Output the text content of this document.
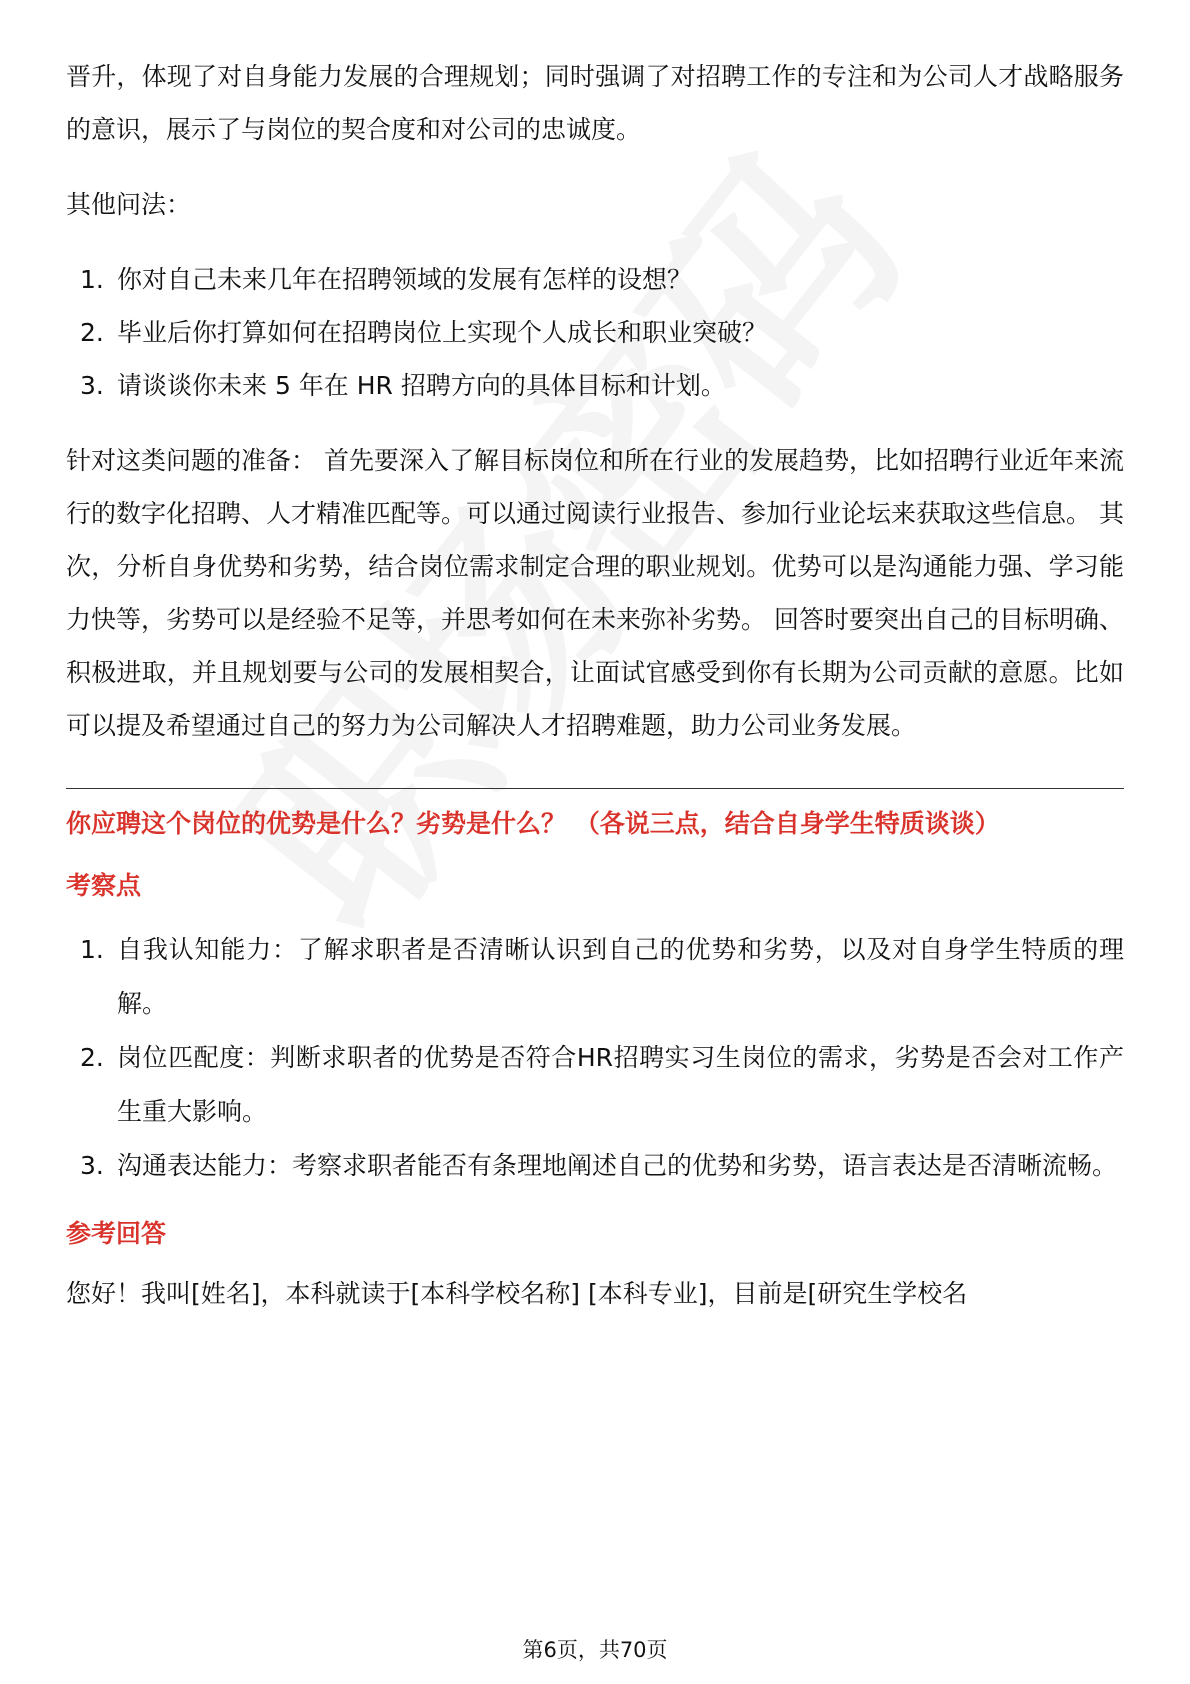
晋升，体现了对自身能力发展的合理规划；同时强调了对招聘工作的专注和为公司人才战略服务的意识，展示了与岗位的契合度和对公司的忠诚度。

其他问法：

1. 你对自己未来几年在招聘领域的发展有怎样的设想？
2. 毕业后你打算如何在招聘岗位上实现个人成长和职业突破？
3. 请谈谈你未来 5 年在 HR 招聘方向的具体目标和计划。

针对这类问题的准备： 首先要深入了解目标岗位和所在行业的发展趋势，比如招聘行业近年来流行的数字化招聘、人才精准匹配等。可以通过阅读行业报告、参加行业论坛来获取这些信息。 其次，分析自身优势和劣势，结合岗位需求制定合理的职业规划。优势可以是沟通能力强、学习能力快等，劣势可以是经验不足等，并思考如何在未来弥补劣势。 回答时要突出自己的目标明确、积极进取，并且规划要与公司的发展相契合，让面试官感受到你有长期为公司贡献的意愿。比如可以提及希望通过自己的努力为公司解决人才招聘难题，助力公司业务发展。

你应聘这个岗位的优势是什么？劣势是什么？ （各说三点，结合自身学生特质谈谈）

考察点

1. 自我认知能力：了解求职者是否清晰认识到自己的优势和劣势，以及对自身学生特质的理解。
2. 岗位匹配度：判断求职者的优势是否符合HR招聘实习生岗位的需求，劣势是否会对工作产生重大影响。
3. 沟通表达能力：考察求职者能否有条理地阐述自己的优势和劣势，语言表达是否清晰流畅。

参考回答

您好！我叫[姓名]，本科就读于[本科学校名称] [本科专业]，目前是[研究生学校名

第6页，共70页
